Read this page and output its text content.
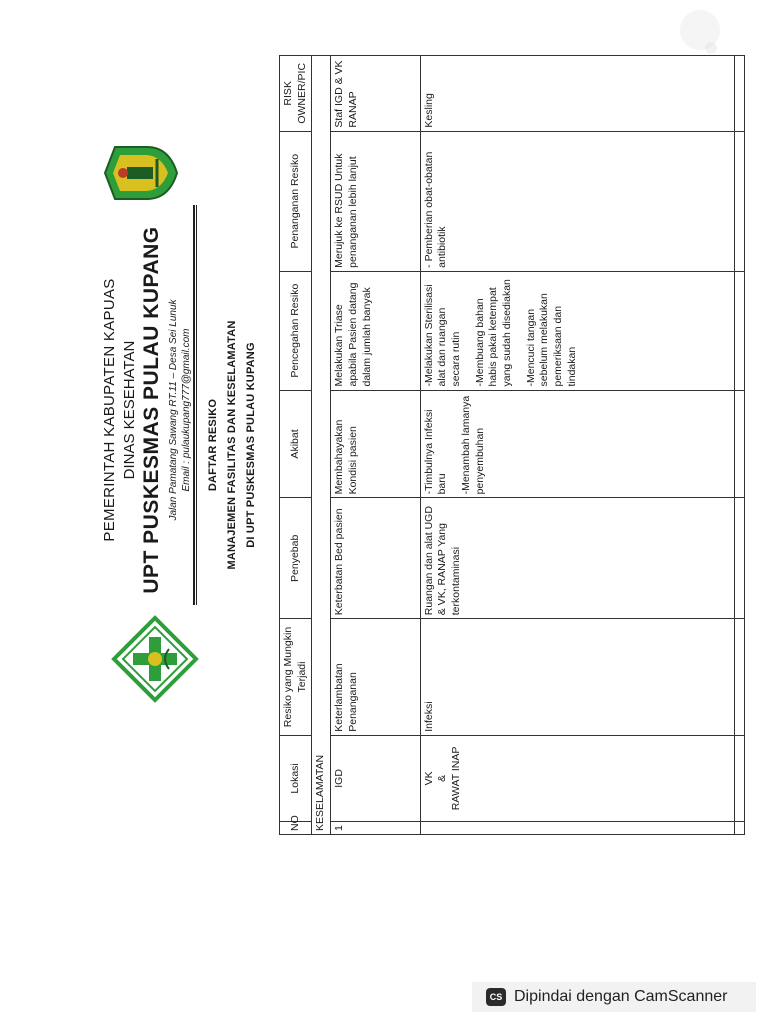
PEMERINTAH KABUPATEN KAPUAS DINAS KESEHATAN UPT PUSKESMAS PULAU KUPANG Jalan Pamatang Sawang RT.11 – Desa Sei Lunuk Email : pulaukupang777@gmail.com DAFTAR RESIKO MANAJEMEN FASILITAS DAN KESELAMATAN DI UPT PUSKESMAS PULAU KUPANG
NO	Lokasi	Resiko yang Mungkin Terjadi	Penyebab	Akibat	Pencegahan Resiko	Penanganan Resiko	RISK OWNER/PIC
KESELAMATAN							
1	IGD	Keterlambatan Penanganan	Keterbatan Bed pasien	Membahayakan Kondisi pasien	Melakukan Triase apabila Pasien datang dalam jumlah banyak	Merujuk ke RSUD Untuk penanganan lebih lanjut	Staf IGD & VK RANAP

	VK & RAWAT INAP	Infeksi	Ruangan dan alat UGD & VK, RANAP Yang terkontaminasi	-Timbulnya Infeksi baru -Menambah lamanya penyembuhan	-Melakukan Sterilisasi alat dan ruangan secara rutin -Membuang bahan habis pakai ketempat yang sudah disediakan -Mencuci tangan sebelum melakukan pemeriksaan dan tindakan	- Pemberian obat-obatan antibiotik	Kesling

CS Dipindai dengan CamScanner
